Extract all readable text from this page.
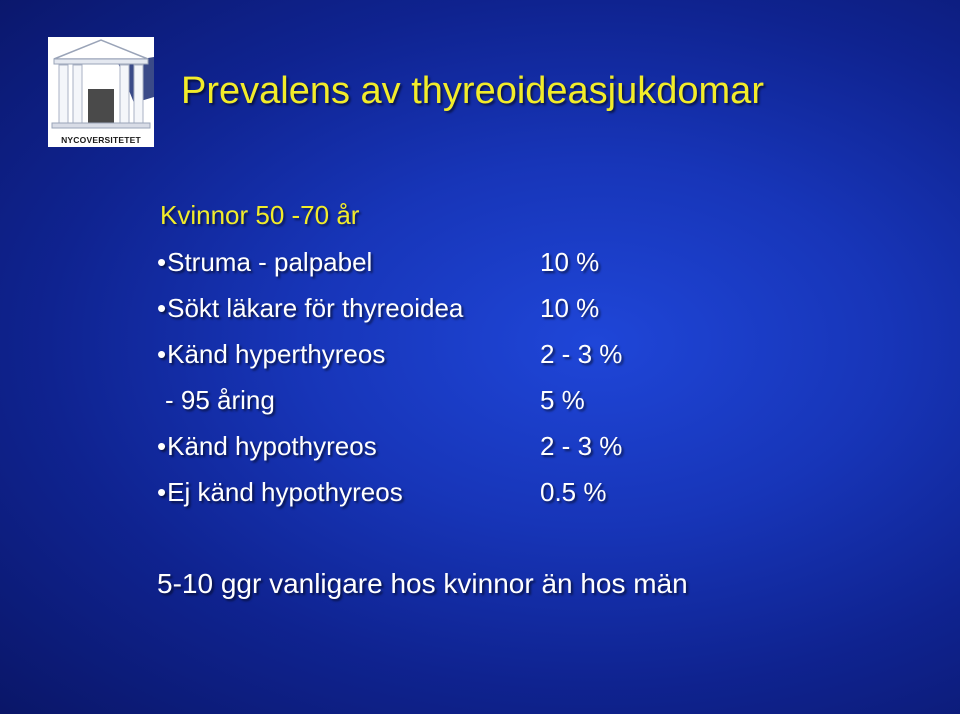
NYCOVERSITETET
Prevalens av thyreoideasjukdomar
Kvinnor 50 -70 år
•Struma - palpabel	10 %
•Sökt läkare för thyreoidea	10 %
•Känd hyperthyreos	2 - 3 %
- 95 åring	5 %
•Känd hypothyreos	2 - 3 %
•Ej känd hypothyreos	0.5 %
5-10 ggr vanligare hos kvinnor än hos män
